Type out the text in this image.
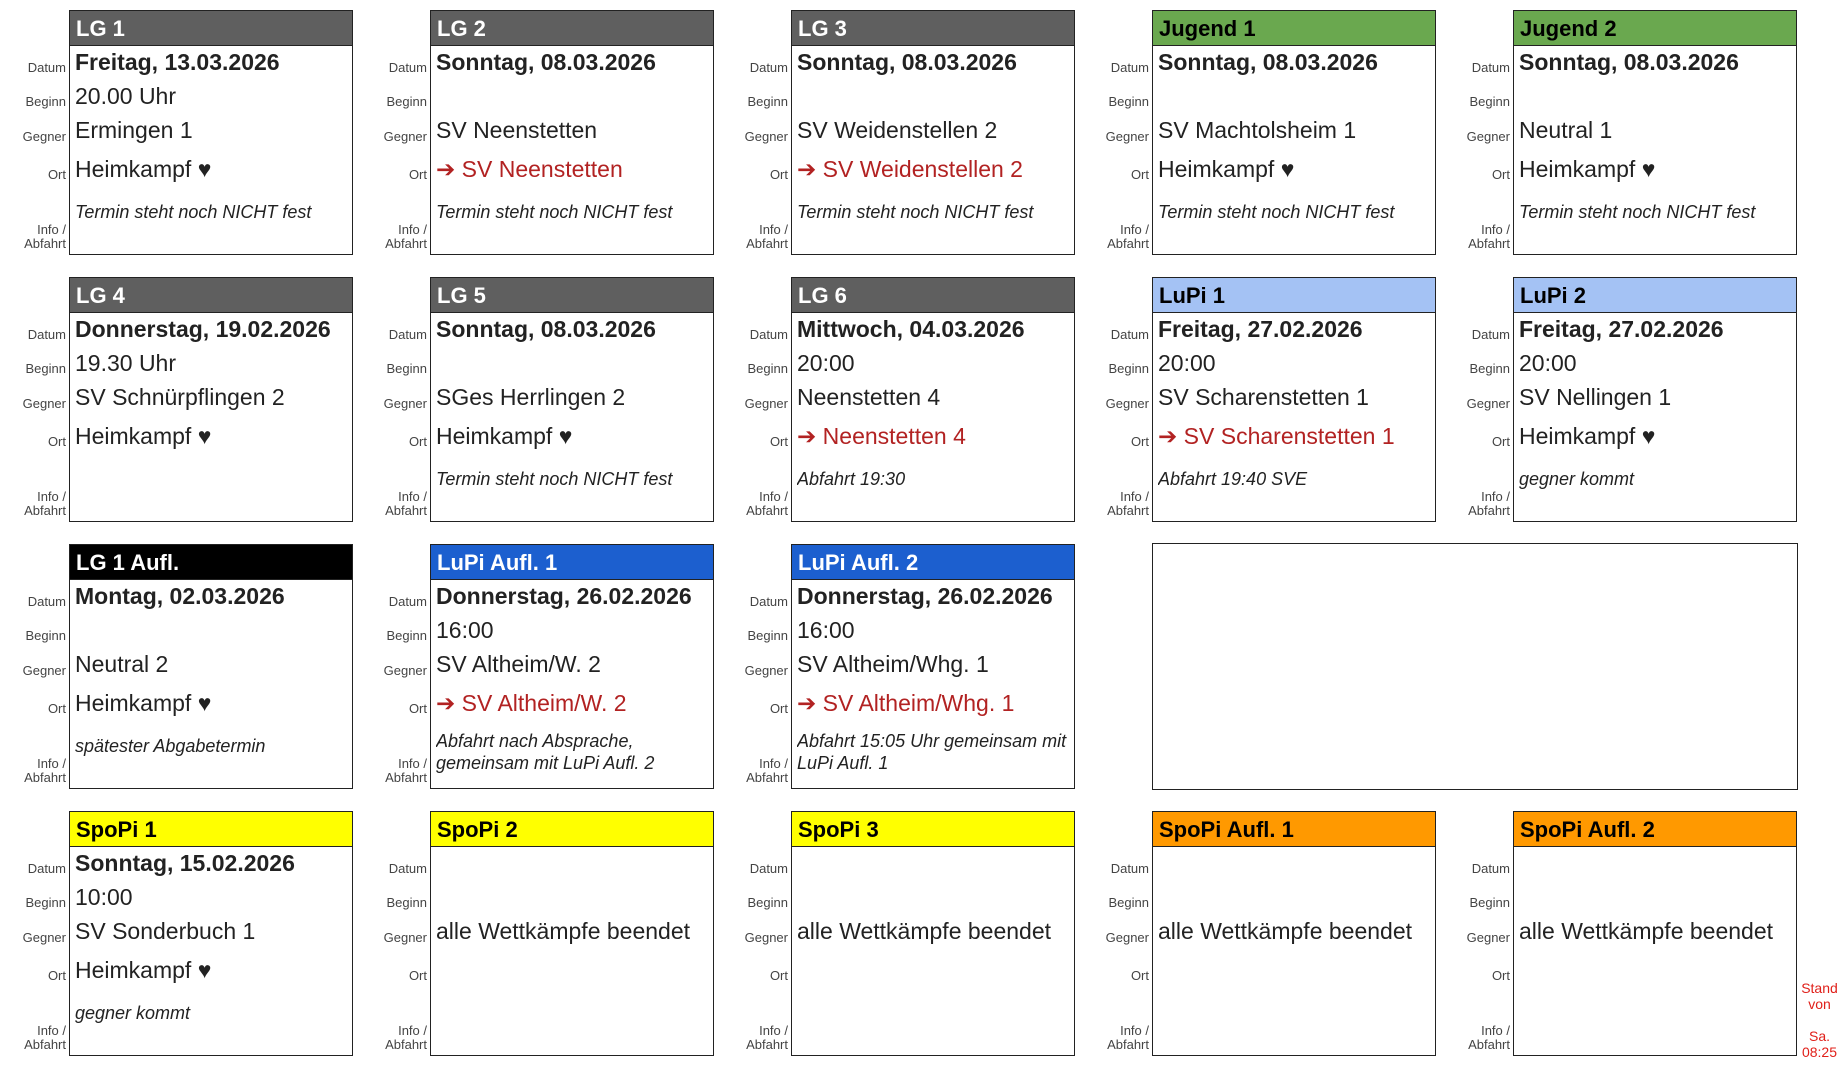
Datum
Beginn
Gegner
Ort
Info /
Abfahrt
LG 1
Freitag, 13.03.2026
20.00 Uhr
Ermingen 1
Heimkampf ♥
Termin steht noch NICHT fest
Datum
Beginn
Gegner
Ort
Info /
Abfahrt
LG 2
Sonntag, 08.03.2026
SV Neenstetten
➔ SV Neenstetten
Termin steht noch NICHT fest
Datum
Beginn
Gegner
Ort
Info /
Abfahrt
LG 3
Sonntag, 08.03.2026
SV Weidenstellen 2
➔ SV Weidenstellen 2
Termin steht noch NICHT fest
Datum
Beginn
Gegner
Ort
Info /
Abfahrt
Jugend 1
Sonntag, 08.03.2026
SV Machtolsheim 1
Heimkampf ♥
Termin steht noch NICHT fest
Datum
Beginn
Gegner
Ort
Info /
Abfahrt
Jugend 2
Sonntag, 08.03.2026
Neutral 1
Heimkampf ♥
Termin steht noch NICHT fest
Datum
Beginn
Gegner
Ort
Info /
Abfahrt
LG 4
Donnerstag, 19.02.2026
19.30 Uhr
SV Schnürpflingen 2
Heimkampf ♥
Datum
Beginn
Gegner
Ort
Info /
Abfahrt
LG 5
Sonntag, 08.03.2026
SGes Herrlingen 2
Heimkampf ♥
Termin steht noch NICHT fest
Datum
Beginn
Gegner
Ort
Info /
Abfahrt
LG 6
Mittwoch, 04.03.2026
20:00
Neenstetten 4
➔ Neenstetten 4
Abfahrt 19:30
Datum
Beginn
Gegner
Ort
Info /
Abfahrt
LuPi 1
Freitag, 27.02.2026
20:00
SV Scharenstetten 1
➔ SV Scharenstetten 1
Abfahrt 19:40 SVE
Datum
Beginn
Gegner
Ort
Info /
Abfahrt
LuPi 2
Freitag, 27.02.2026
20:00
SV Nellingen 1
Heimkampf ♥
gegner kommt
Datum
Beginn
Gegner
Ort
Info /
Abfahrt
LG 1 Aufl.
Montag, 02.03.2026
Neutral 2
Heimkampf ♥
spätester Abgabetermin
Datum
Beginn
Gegner
Ort
Info /
Abfahrt
LuPi Aufl. 1
Donnerstag, 26.02.2026
16:00
SV Altheim/W. 2
➔ SV Altheim/W. 2
Abfahrt nach Absprache, gemeinsam mit LuPi Aufl. 2
Datum
Beginn
Gegner
Ort
Info /
Abfahrt
LuPi Aufl. 2
Donnerstag, 26.02.2026
16:00
SV Altheim/Whg. 1
➔ SV Altheim/Whg. 1
Abfahrt 15:05 Uhr gemeinsam mit LuPi Aufl. 1
Datum
Beginn
Gegner
Ort
Info /
Abfahrt
SpoPi 1
Sonntag, 15.02.2026
10:00
SV Sonderbuch 1
Heimkampf ♥
gegner kommt
Datum
Beginn
Gegner
Ort
Info /
Abfahrt
SpoPi 2
alle Wettkämpfe beendet
Datum
Beginn
Gegner
Ort
Info /
Abfahrt
SpoPi 3
alle Wettkämpfe beendet
Datum
Beginn
Gegner
Ort
Info /
Abfahrt
SpoPi Aufl. 1
alle Wettkämpfe beendet
Datum
Beginn
Gegner
Ort
Info /
Abfahrt
SpoPi Aufl. 2
alle Wettkämpfe beendet
Stand
von
Sa.
08:25
